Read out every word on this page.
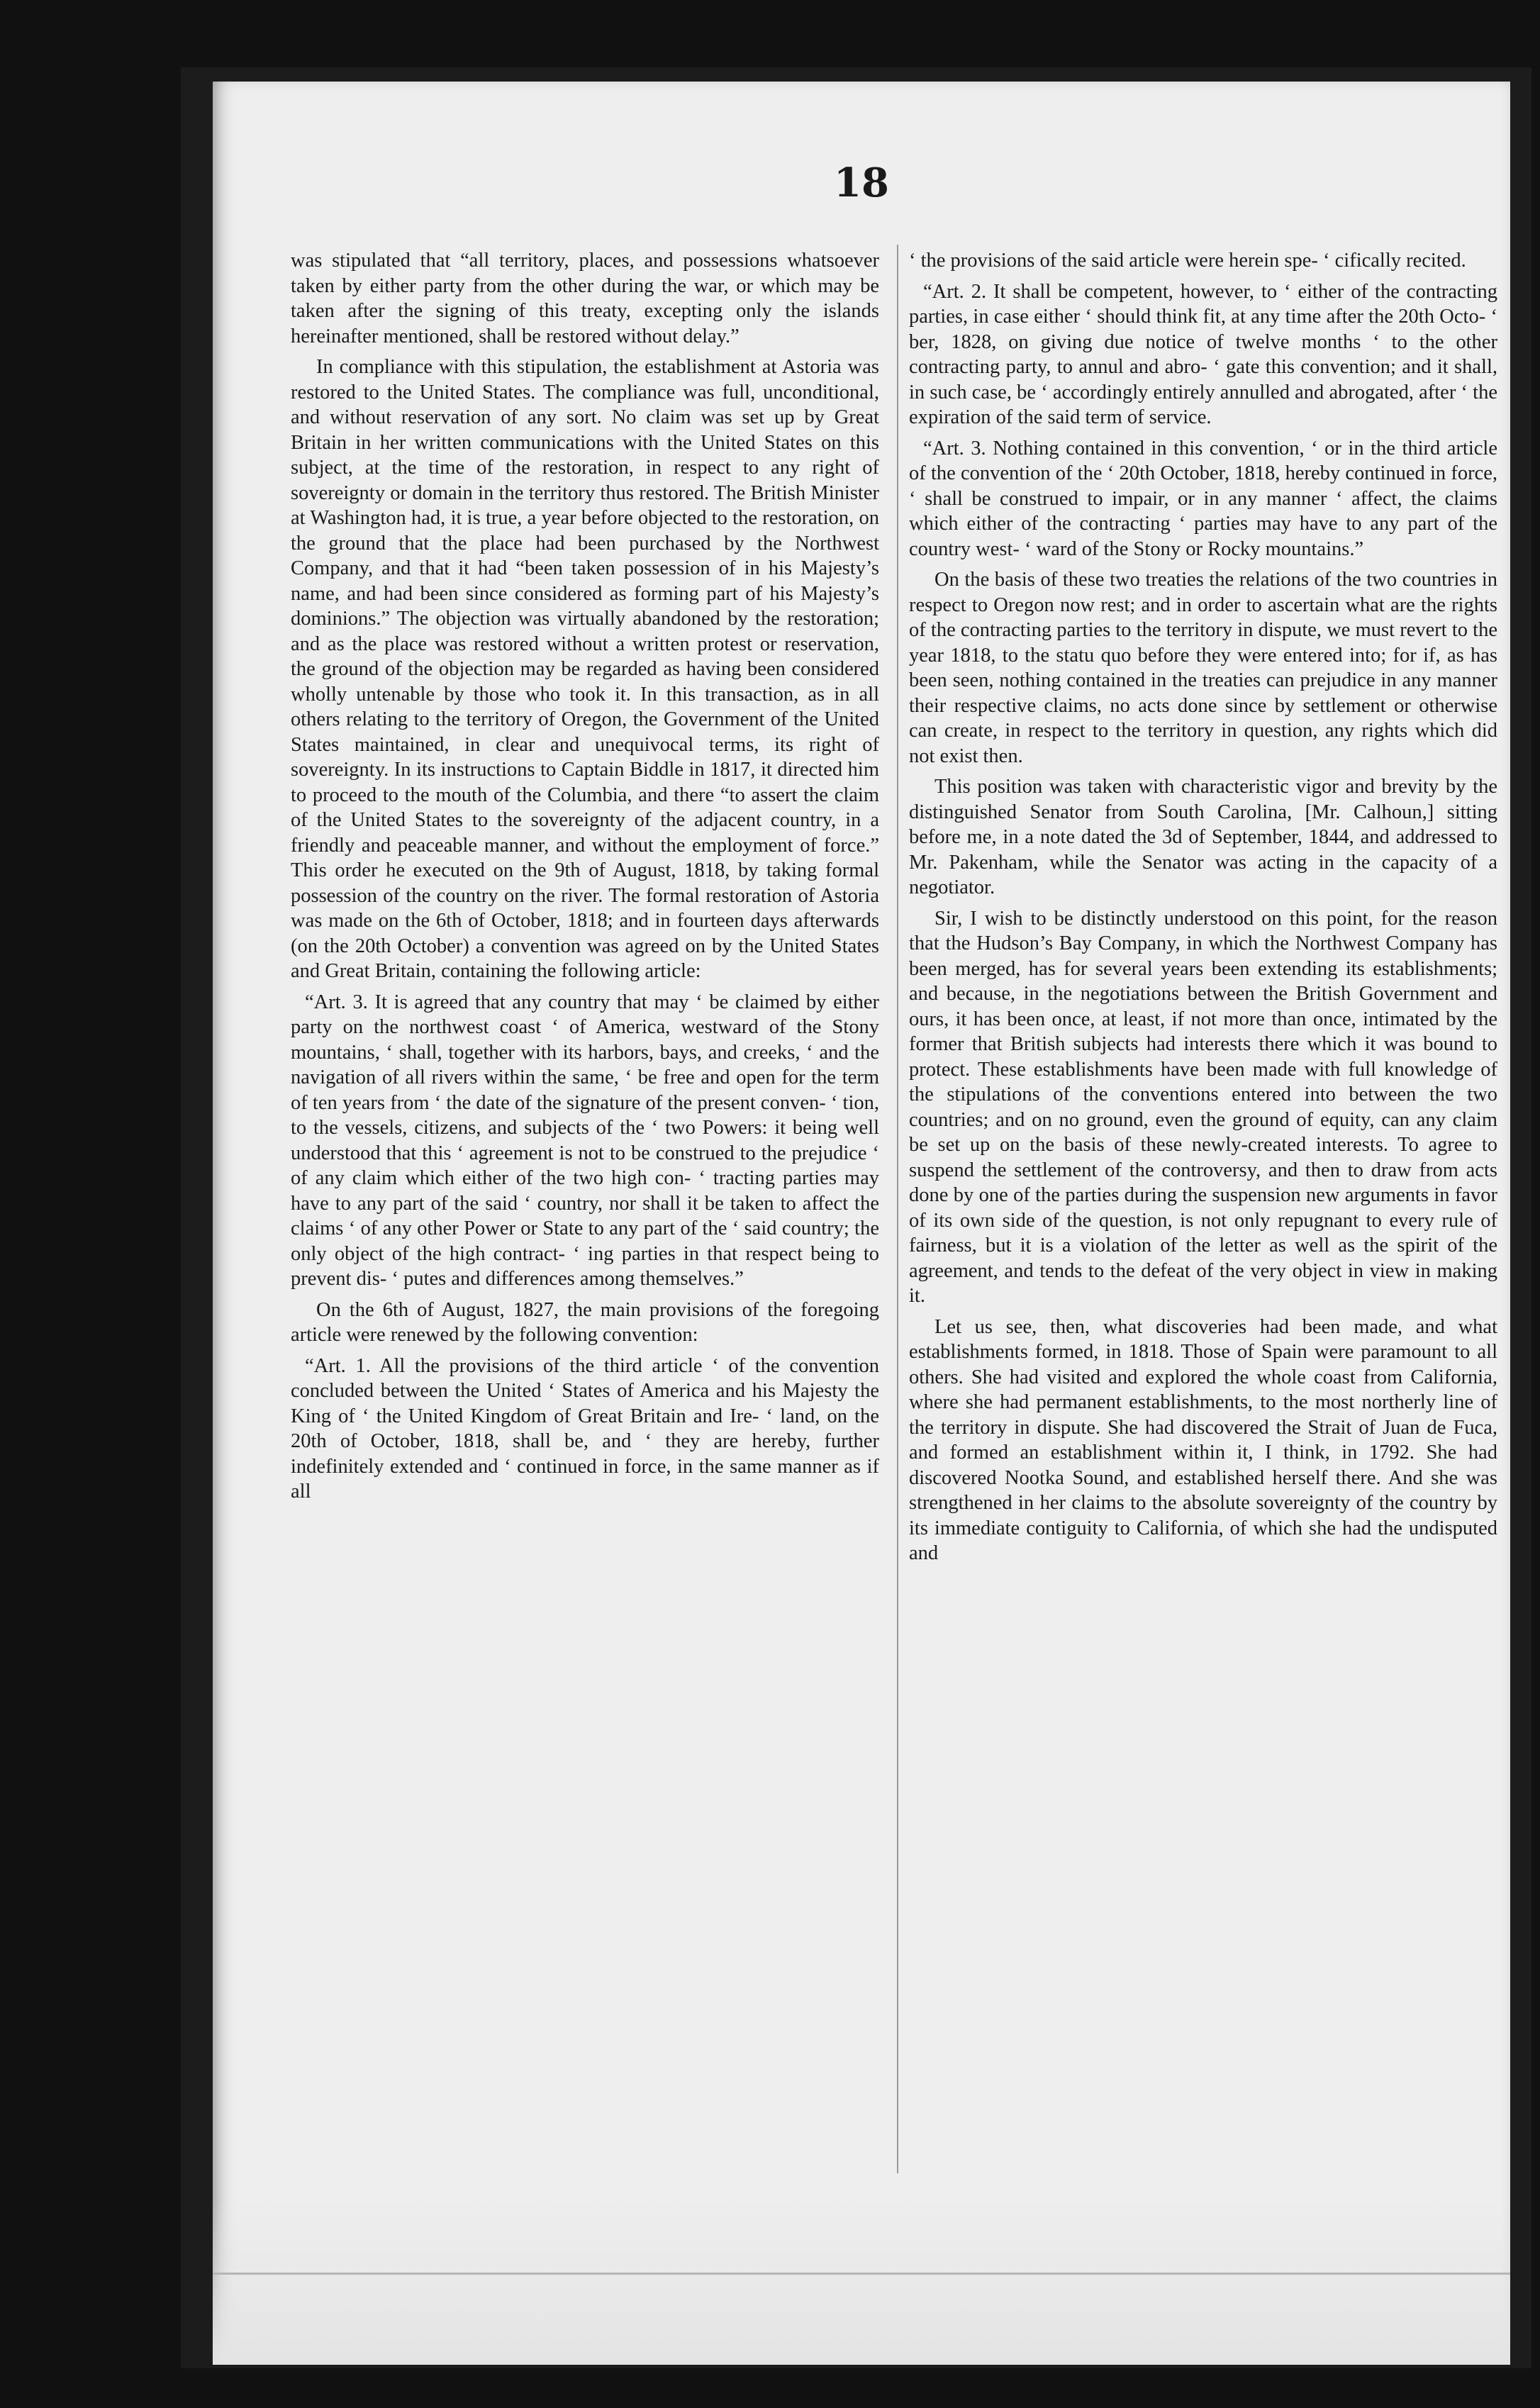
18

was stipulated that “all territory, places, and possessions whatsoever taken by either party from the other during the war, or which may be taken after the signing of this treaty, excepting only the islands hereinafter mentioned, shall be restored without delay.”

In compliance with this stipulation, the establishment at Astoria was restored to the United States. The compliance was full, unconditional, and without reservation of any sort. No claim was set up by Great Britain in her written communications with the United States on this subject, at the time of the restoration, in respect to any right of sovereignty or domain in the territory thus restored. The British Minister at Washington had, it is true, a year before objected to the restoration, on the ground that the place had been purchased by the Northwest Company, and that it had “been taken possession of in his Majesty’s name, and had been since considered as forming part of his Majesty’s dominions.” The objection was virtually abandoned by the restoration; and as the place was restored without a written protest or reservation, the ground of the objection may be regarded as having been considered wholly untenable by those who took it. In this transaction, as in all others relating to the territory of Oregon, the Government of the United States maintained, in clear and unequivocal terms, its right of sovereignty. In its instructions to Captain Biddle in 1817, it directed him to proceed to the mouth of the Columbia, and there “to assert the claim of the United States to the sovereignty of the adjacent country, in a friendly and peaceable manner, and without the employment of force.” This order he executed on the 9th of August, 1818, by taking formal possession of the country on the river. The formal restoration of Astoria was made on the 6th of October, 1818; and in fourteen days afterwards (on the 20th October) a convention was agreed on by the United States and Great Britain, containing the following article:

“Art. 3. It is agreed that any country that may ‘ be claimed by either party on the northwest coast ‘ of America, westward of the Stony mountains, ‘ shall, together with its harbors, bays, and creeks, ‘ and the navigation of all rivers within the same, ‘ be free and open for the term of ten years from ‘ the date of the signature of the present conven- ‘ tion, to the vessels, citizens, and subjects of the ‘ two Powers: it being well understood that this ‘ agreement is not to be construed to the prejudice ‘ of any claim which either of the two high con- ‘ tracting parties may have to any part of the said ‘ country, nor shall it be taken to affect the claims ‘ of any other Power or State to any part of the ‘ said country; the only object of the high contract- ‘ ing parties in that respect being to prevent dis- ‘ putes and differences among themselves.”

On the 6th of August, 1827, the main provisions of the foregoing article were renewed by the following convention:

“Art. 1. All the provisions of the third article ‘ of the convention concluded between the United ‘ States of America and his Majesty the King of ‘ the United Kingdom of Great Britain and Ire- ‘ land, on the 20th of October, 1818, shall be, and ‘ they are hereby, further indefinitely extended and ‘ continued in force, in the same manner as if all

‘ the provisions of the said article were herein spe- ‘ cifically recited.

“Art. 2. It shall be competent, however, to ‘ either of the contracting parties, in case either ‘ should think fit, at any time after the 20th Octo- ‘ ber, 1828, on giving due notice of twelve months ‘ to the other contracting party, to annul and abro- ‘ gate this convention; and it shall, in such case, be ‘ accordingly entirely annulled and abrogated, after ‘ the expiration of the said term of service.

“Art. 3. Nothing contained in this convention, ‘ or in the third article of the convention of the ‘ 20th October, 1818, hereby continued in force, ‘ shall be construed to impair, or in any manner ‘ affect, the claims which either of the contracting ‘ parties may have to any part of the country west- ‘ ward of the Stony or Rocky mountains.”

On the basis of these two treaties the relations of the two countries in respect to Oregon now rest; and in order to ascertain what are the rights of the contracting parties to the territory in dispute, we must revert to the year 1818, to the statu quo before they were entered into; for if, as has been seen, nothing contained in the treaties can prejudice in any manner their respective claims, no acts done since by settlement or otherwise can create, in respect to the territory in question, any rights which did not exist then.

This position was taken with characteristic vigor and brevity by the distinguished Senator from South Carolina, [Mr. Calhoun,] sitting before me, in a note dated the 3d of September, 1844, and addressed to Mr. Pakenham, while the Senator was acting in the capacity of a negotiator.

Sir, I wish to be distinctly understood on this point, for the reason that the Hudson’s Bay Company, in which the Northwest Company has been merged, has for several years been extending its establishments; and because, in the negotiations between the British Government and ours, it has been once, at least, if not more than once, intimated by the former that British subjects had interests there which it was bound to protect. These establishments have been made with full knowledge of the stipulations of the conventions entered into between the two countries; and on no ground, even the ground of equity, can any claim be set up on the basis of these newly-created interests. To agree to suspend the settlement of the controversy, and then to draw from acts done by one of the parties during the suspension new arguments in favor of its own side of the question, is not only repugnant to every rule of fairness, but it is a violation of the letter as well as the spirit of the agreement, and tends to the defeat of the very object in view in making it.

Let us see, then, what discoveries had been made, and what establishments formed, in 1818. Those of Spain were paramount to all others. She had visited and explored the whole coast from California, where she had permanent establishments, to the most northerly line of the territory in dispute. She had discovered the Strait of Juan de Fuca, and formed an establishment within it, I think, in 1792. She had discovered Nootka Sound, and established herself there. And she was strengthened in her claims to the absolute sovereignty of the country by its immediate contiguity to California, of which she had the undisputed and
